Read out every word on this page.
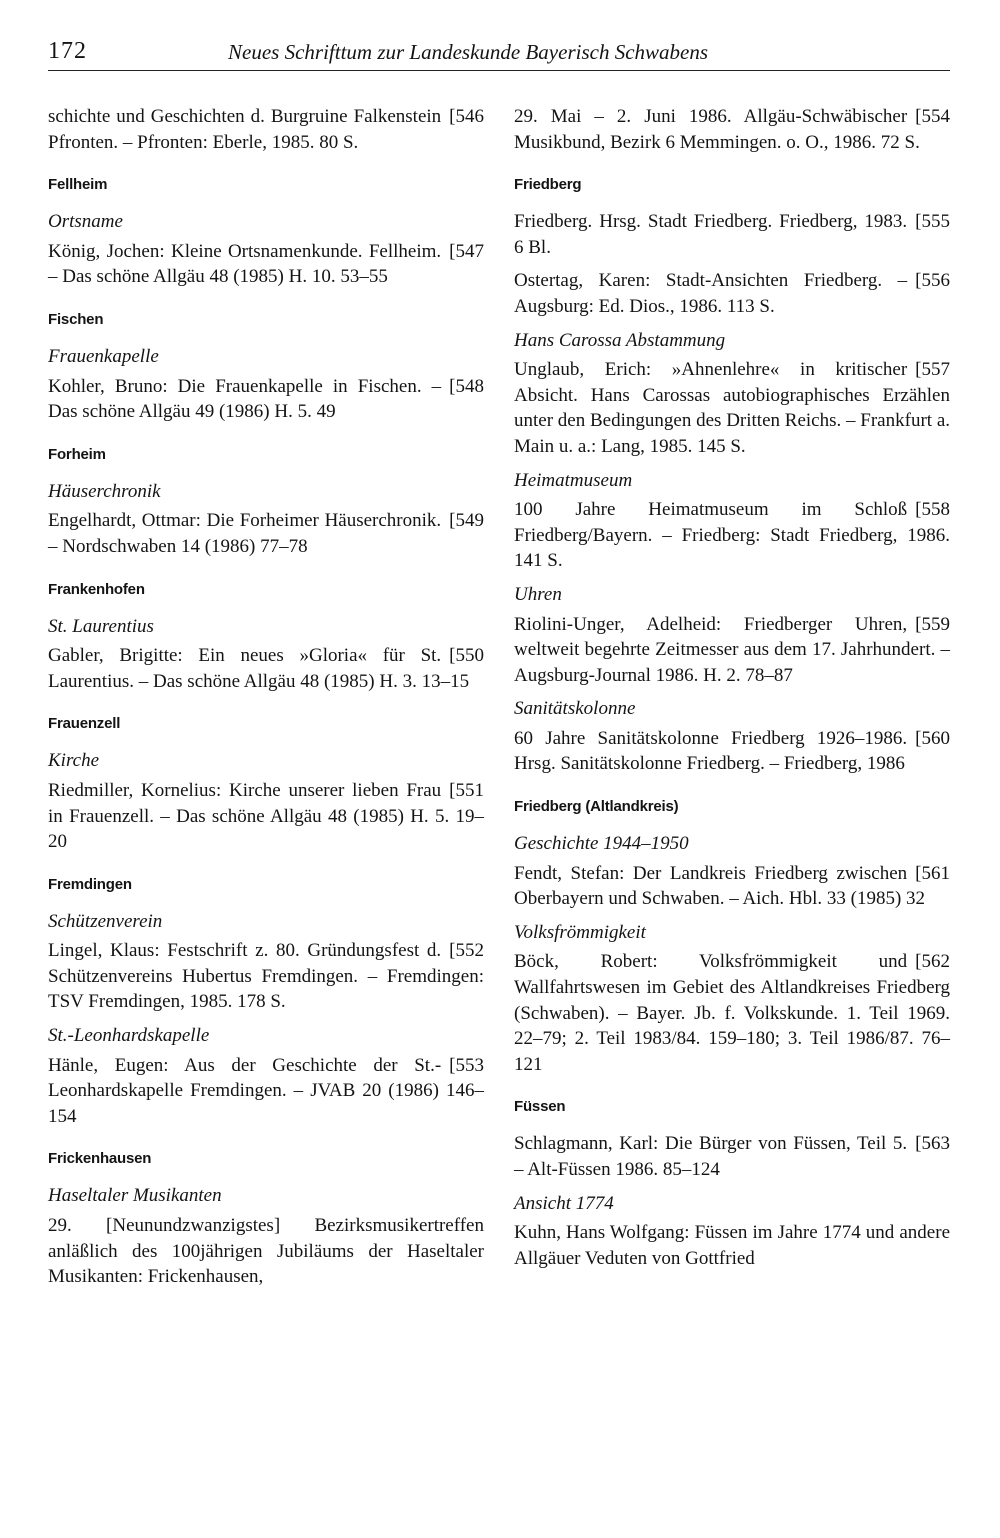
172	Neues Schrifttum zur Landeskunde Bayerisch Schwabens
[546
schichte und Geschichten d. Burgruine Falkenstein Pfronten. – Pfronten: Eberle, 1985. 80 S.
Fellheim
Ortsname
[547
König, Jochen: Kleine Ortsnamenkunde. Fellheim. – Das schöne Allgäu 48 (1985) H. 10. 53–55
Fischen
Frauenkapelle
[548
Kohler, Bruno: Die Frauenkapelle in Fischen. – Das schöne Allgäu 49 (1986) H. 5. 49
Forheim
Häuserchronik
[549
Engelhardt, Ottmar: Die Forheimer Häuserchronik. – Nordschwaben 14 (1986) 77–78
Frankenhofen
St. Laurentius
[550
Gabler, Brigitte: Ein neues »Gloria« für St. Laurentius. – Das schöne Allgäu 48 (1985) H. 3. 13–15
Frauenzell
Kirche
[551
Riedmiller, Kornelius: Kirche unserer lieben Frau in Frauenzell. – Das schöne Allgäu 48 (1985) H. 5. 19–20
Fremdingen
Schützenverein
[552
Lingel, Klaus: Festschrift z. 80. Gründungsfest d. Schützenvereins Hubertus Fremdingen. – Fremdingen: TSV Fremdingen, 1985. 178 S.
St.-Leonhardskapelle
[553
Hänle, Eugen: Aus der Geschichte der St.-Leonhardskapelle Fremdingen. – JVAB 20 (1986) 146–154
Frickenhausen
Haseltaler Musikanten
29. [Neunundzwanzigstes] Bezirksmusikertreffen anläßlich des 100jährigen Jubiläums der Haseltaler Musikanten: Frickenhausen,
[554
29. Mai – 2. Juni 1986. Allgäu-Schwäbischer Musikbund, Bezirk 6 Memmingen. o. O., 1986. 72 S.
Friedberg
[555
Friedberg. Hrsg. Stadt Friedberg. Friedberg, 1983. 6 Bl.
[556
Ostertag, Karen: Stadt-Ansichten Friedberg. – Augsburg: Ed. Dios., 1986. 113 S.
Hans Carossa Abstammung
[557
Unglaub, Erich: »Ahnenlehre« in kritischer Absicht. Hans Carossas autobiographisches Erzählen unter den Bedingungen des Dritten Reichs. – Frankfurt a. Main u. a.: Lang, 1985. 145 S.
Heimatmuseum
[558
100 Jahre Heimatmuseum im Schloß Friedberg/Bayern. – Friedberg: Stadt Friedberg, 1986. 141 S.
Uhren
[559
Riolini-Unger, Adelheid: Friedberger Uhren, weltweit begehrte Zeitmesser aus dem 17. Jahrhundert. – Augsburg-Journal 1986. H. 2. 78–87
Sanitätskolonne
[560
60 Jahre Sanitätskolonne Friedberg 1926–1986. Hrsg. Sanitätskolonne Friedberg. – Friedberg, 1986
Friedberg (Altlandkreis)
Geschichte 1944–1950
[561
Fendt, Stefan: Der Landkreis Friedberg zwischen Oberbayern und Schwaben. – Aich. Hbl. 33 (1985) 32
Volksfrömmigkeit
[562
Böck, Robert: Volksfrömmigkeit und Wallfahrtswesen im Gebiet des Altlandkreises Friedberg (Schwaben). – Bayer. Jb. f. Volkskunde. 1. Teil 1969. 22–79; 2. Teil 1983/84. 159–180; 3. Teil 1986/87. 76–121
Füssen
[563
Schlagmann, Karl: Die Bürger von Füssen, Teil 5. – Alt-Füssen 1986. 85–124
Ansicht 1774
Kuhn, Hans Wolfgang: Füssen im Jahre 1774 und andere Allgäuer Veduten von Gottfried
